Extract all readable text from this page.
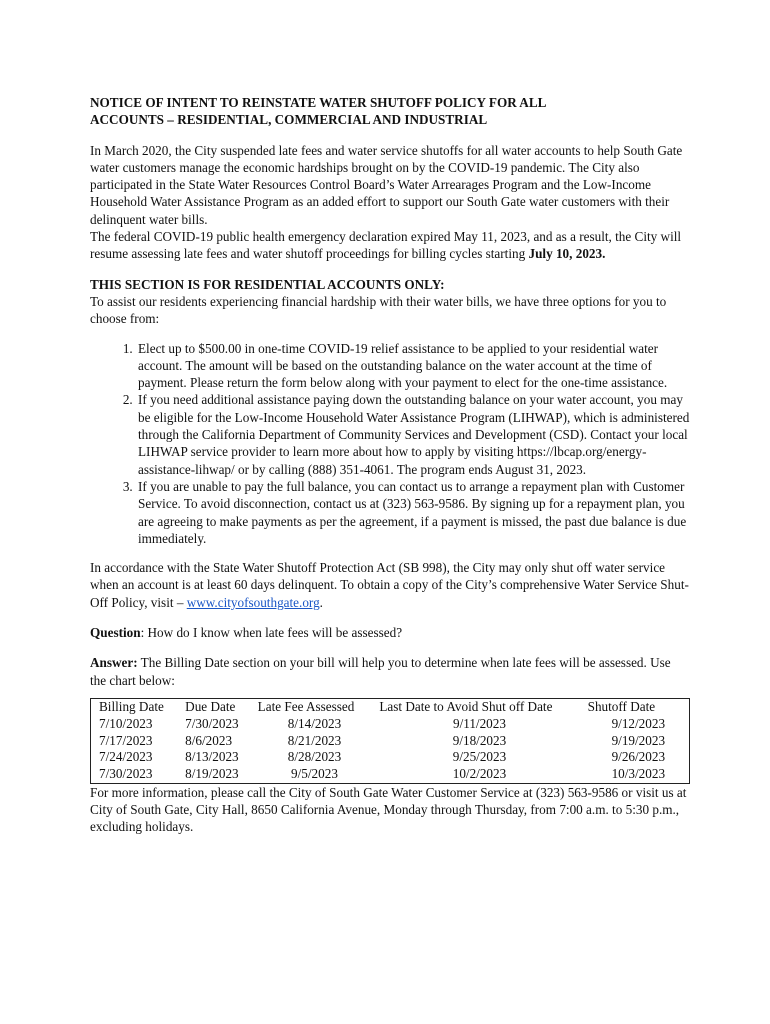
NOTICE OF INTENT TO REINSTATE WATER SHUTOFF POLICY FOR ALL
ACCOUNTS – RESIDENTIAL, COMMERCIAL AND INDUSTRIAL

In March 2020, the City suspended late fees and water service shutoffs for all water accounts to help South Gate water customers manage the economic hardships brought on by the COVID-19 pandemic. The City also participated in the State Water Resources Control Board’s Water Arrearages Program and the Low-Income Household Water Assistance Program as an added effort to support our South Gate water customers with their delinquent water bills.

The federal COVID-19 public health emergency declaration expired May 11, 2023, and as a result, the City will resume assessing late fees and water shutoff proceedings for billing cycles starting July 10, 2023.

THIS SECTION IS FOR RESIDENTIAL ACCOUNTS ONLY:

To assist our residents experiencing financial hardship with their water bills, we have three options for you to choose from:

1. Elect up to $500.00 in one-time COVID-19 relief assistance to be applied to your residential water account. The amount will be based on the outstanding balance on the water account at the time of payment. Please return the form below along with your payment to elect for the one-time assistance.
2. If you need additional assistance paying down the outstanding balance on your water account, you may be eligible for the Low-Income Household Water Assistance Program (LIHWAP), which is administered through the California Department of Community Services and Development (CSD). Contact your local LIHWAP service provider to learn more about how to apply by visiting https://lbcap.org/energy-assistance-lihwap/ or by calling (888) 351-4061. The program ends August 31, 2023.
3. If you are unable to pay the full balance, you can contact us to arrange a repayment plan with Customer Service. To avoid disconnection, contact us at (323) 563-9586. By signing up for a repayment plan, you are agreeing to make payments as per the agreement, if a payment is missed, the past due balance is due immediately.

In accordance with the State Water Shutoff Protection Act (SB 998), the City may only shut off water service when an account is at least 60 days delinquent. To obtain a copy of the City’s comprehensive Water Service Shut-Off Policy, visit – www.cityofsouthgate.org.

Question: How do I know when late fees will be assessed?

Answer: The Billing Date section on your bill will help you to determine when late fees will be assessed. Use the chart below:

Billing Date	Due Date	Late Fee Assessed	Last Date to Avoid Shut off Date	Shutoff Date
7/10/2023	7/30/2023	8/14/2023	9/11/2023	9/12/2023
7/17/2023	8/6/2023	8/21/2023	9/18/2023	9/19/2023
7/24/2023	8/13/2023	8/28/2023	9/25/2023	9/26/2023
7/30/2023	8/19/2023	9/5/2023	10/2/2023	10/3/2023

For more information, please call the City of South Gate Water Customer Service at (323) 563-9586 or visit us at City of South Gate, City Hall, 8650 California Avenue, Monday through Thursday, from 7:00 a.m. to 5:30 p.m., excluding holidays.
